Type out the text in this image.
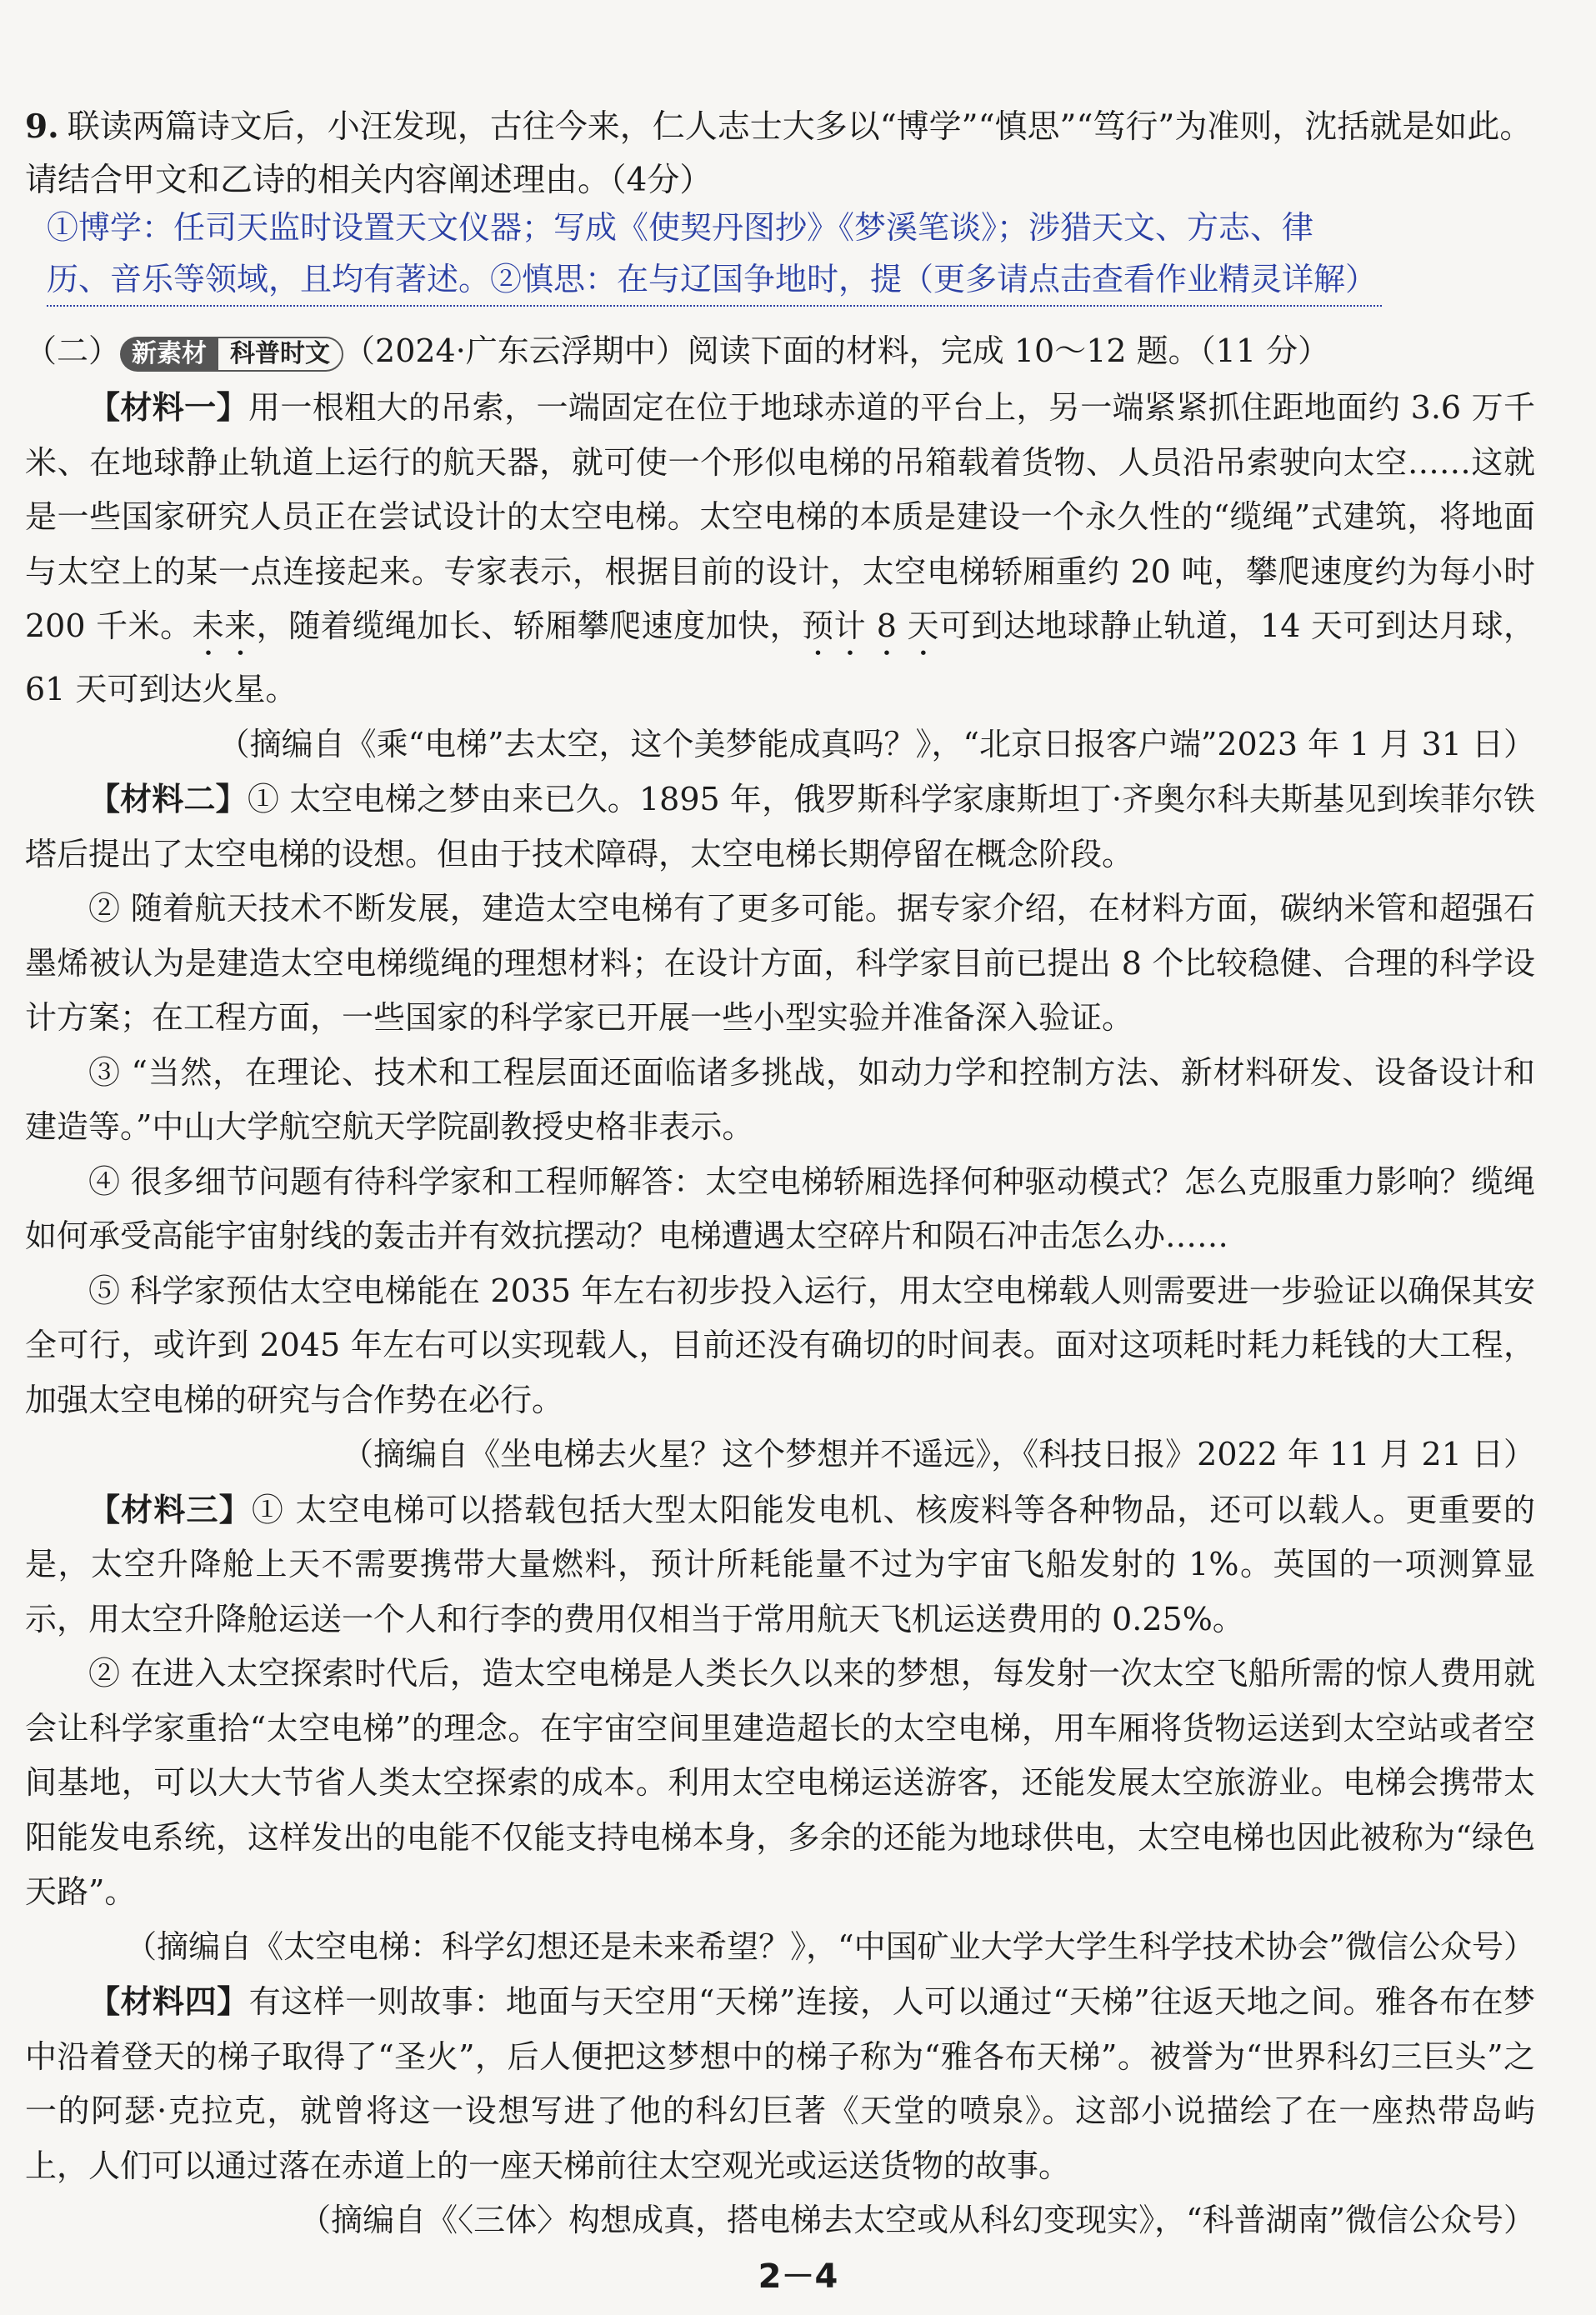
9. 联读两篇诗文后，小汪发现，古往今来，仁人志士大多以“博学”“慎思”“笃行”为准则，沈括就是如此。请结合甲文和乙诗的相关内容阐述理由。（4分）
①博学：任司天监时设置天文仪器；写成《使契丹图抄》《梦溪笔谈》；涉猎天文、方志、律
历、音乐等领域，且均有著述。②慎思：在与辽国争地时，提（更多请点击查看作业精灵详解）
（二） 新素材 科普时文 （2024·广东云浮期中）阅读下面的材料，完成 10～12 题。（11 分）

【材料一】用一根粗大的吊索，一端固定在位于地球赤道的平台上，另一端紧紧抓住距地面约 3.6 万千米、在地球静止轨道上运行的航天器，就可使一个形似电梯的吊箱载着货物、人员沿吊索驶向太空……这就是一些国家研究人员正在尝试设计的太空电梯。太空电梯的本质是建设一个永久性的“缆绳”式建筑，将地面与太空上的某一点连接起来。专家表示，根据目前的设计，太空电梯轿厢重约 20 吨，攀爬速度约为每小时 200 千米。未来，随着缆绳加长、轿厢攀爬速度加快，预计 8 天可到达地球静止轨道，14 天可到达月球，61 天可到达火星。

（摘编自《乘“电梯”去太空，这个美梦能成真吗？》，“北京日报客户端”2023 年 1 月 31 日）

【材料二】① 太空电梯之梦由来已久。1895 年，俄罗斯科学家康斯坦丁·齐奥尔科夫斯基见到埃菲尔铁塔后提出了太空电梯的设想。但由于技术障碍，太空电梯长期停留在概念阶段。

② 随着航天技术不断发展，建造太空电梯有了更多可能。据专家介绍，在材料方面，碳纳米管和超强石墨烯被认为是建造太空电梯缆绳的理想材料；在设计方面，科学家目前已提出 8 个比较稳健、合理的科学设计方案；在工程方面，一些国家的科学家已开展一些小型实验并准备深入验证。

③ “当然，在理论、技术和工程层面还面临诸多挑战，如动力学和控制方法、新材料研发、设备设计和建造等。”中山大学航空航天学院副教授史格非表示。

④ 很多细节问题有待科学家和工程师解答：太空电梯轿厢选择何种驱动模式？怎么克服重力影响？缆绳如何承受高能宇宙射线的轰击并有效抗摆动？电梯遭遇太空碎片和陨石冲击怎么办……

⑤ 科学家预估太空电梯能在 2035 年左右初步投入运行，用太空电梯载人则需要进一步验证以确保其安全可行，或许到 2045 年左右可以实现载人，目前还没有确切的时间表。面对这项耗时耗力耗钱的大工程，加强太空电梯的研究与合作势在必行。

（摘编自《坐电梯去火星？这个梦想并不遥远》，《科技日报》2022 年 11 月 21 日）

【材料三】① 太空电梯可以搭载包括大型太阳能发电机、核废料等各种物品，还可以载人。更重要的是，太空升降舱上天不需要携带大量燃料，预计所耗能量不过为宇宙飞船发射的 1%。英国的一项测算显示，用太空升降舱运送一个人和行李的费用仅相当于常用航天飞机运送费用的 0.25%。

② 在进入太空探索时代后，造太空电梯是人类长久以来的梦想，每发射一次太空飞船所需的惊人费用就会让科学家重拾“太空电梯”的理念。在宇宙空间里建造超长的太空电梯，用车厢将货物运送到太空站或者空间基地，可以大大节省人类太空探索的成本。利用太空电梯运送游客，还能发展太空旅游业。电梯会携带太阳能发电系统，这样发出的电能不仅能支持电梯本身，多余的还能为地球供电，太空电梯也因此被称为“绿色天路”。

（摘编自《太空电梯：科学幻想还是未来希望？》，“中国矿业大学大学生科学技术协会”微信公众号）

【材料四】有这样一则故事：地面与天空用“天梯”连接，人可以通过“天梯”往返天地之间。雅各布在梦中沿着登天的梯子取得了“圣火”，后人便把这梦想中的梯子称为“雅各布天梯”。被誉为“世界科幻三巨头”之一的阿瑟·克拉克，就曾将这一设想写进了他的科幻巨著《天堂的喷泉》。这部小说描绘了在一座热带岛屿上，人们可以通过落在赤道上的一座天梯前往太空观光或运送货物的故事。

（摘编自《〈三体〉构想成真，搭电梯去太空或从科幻变现实》，“科普湖南”微信公众号）

2－4
